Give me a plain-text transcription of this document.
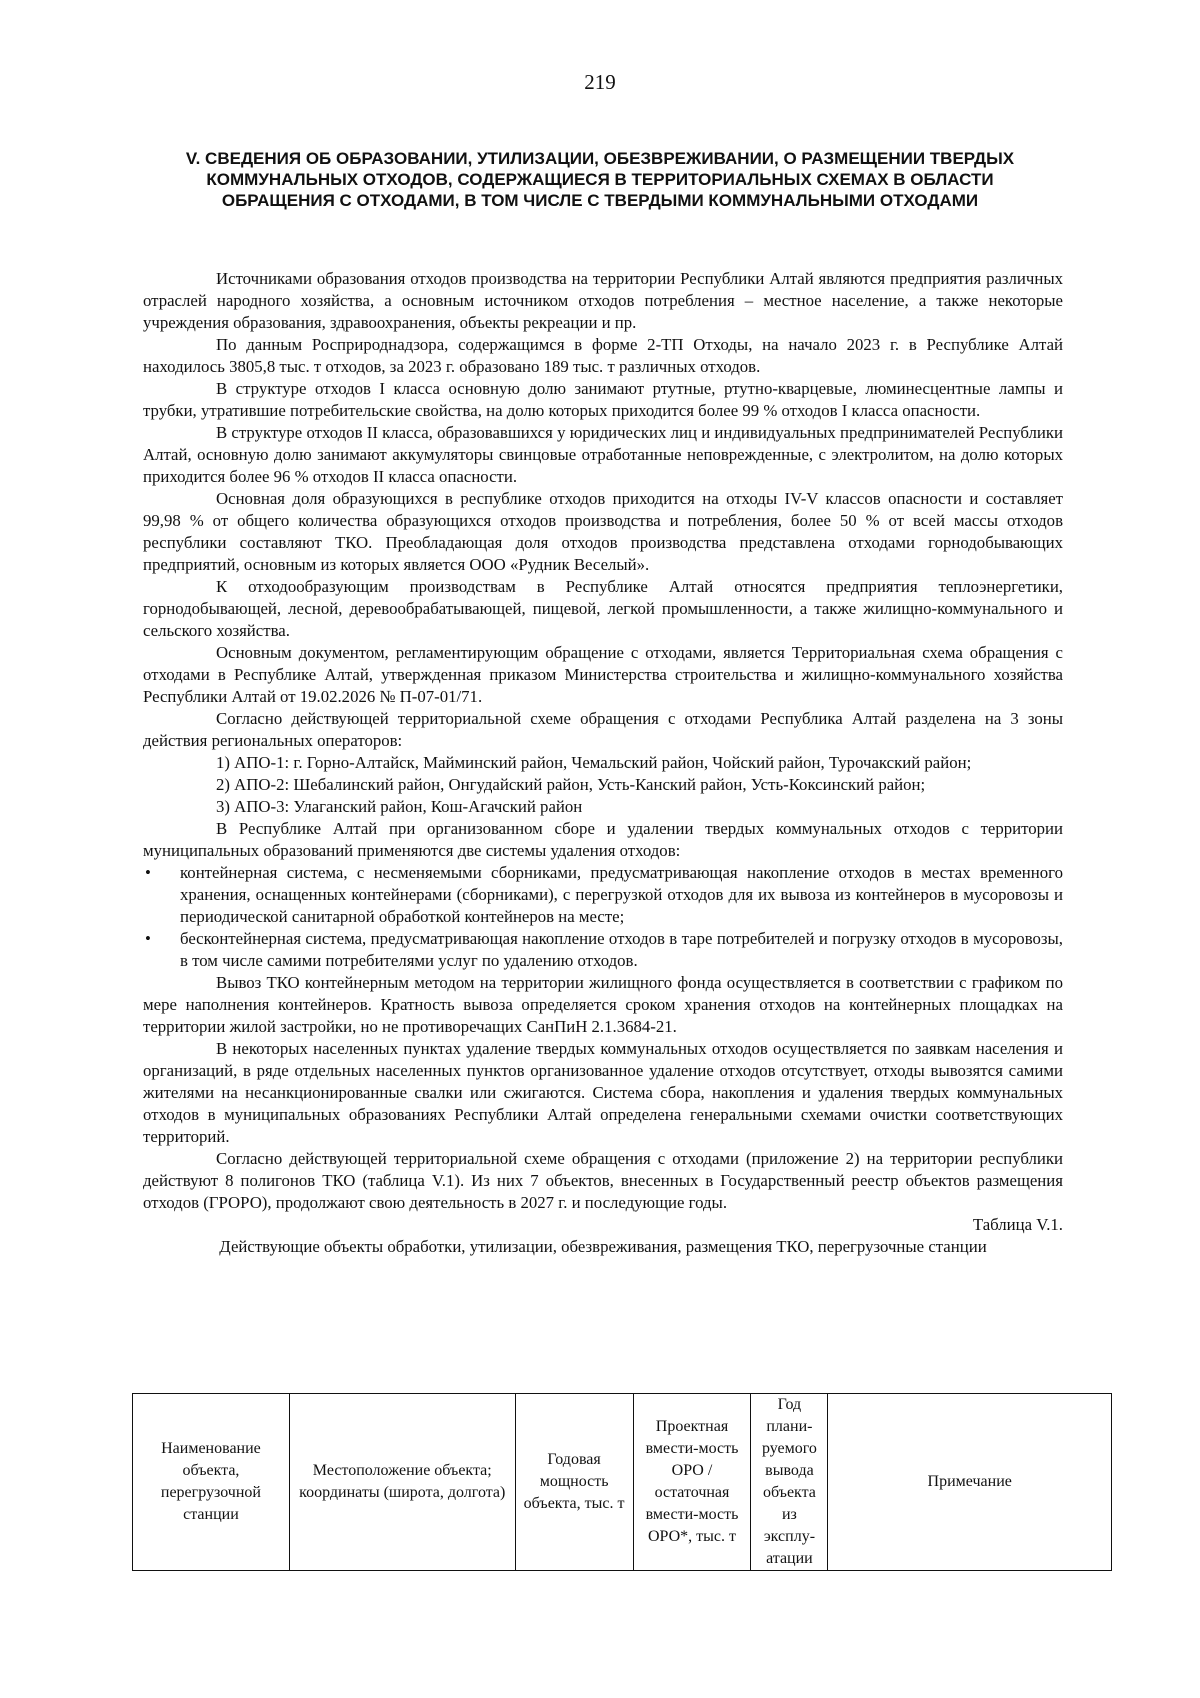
219
V. СВЕДЕНИЯ ОБ ОБРАЗОВАНИИ, УТИЛИЗАЦИИ, ОБЕЗВРЕЖИВАНИИ, О РАЗМЕЩЕНИИ ТВЕРДЫХ КОММУНАЛЬНЫХ ОТХОДОВ, СОДЕРЖАЩИЕСЯ В ТЕРРИТОРИАЛЬНЫХ СХЕМАХ В ОБЛАСТИ ОБРАЩЕНИЯ С ОТХОДАМИ, В ТОМ ЧИСЛЕ С ТВЕРДЫМИ КОММУНАЛЬНЫМИ ОТХОДАМИ

Источниками образования отходов производства на территории Республики Алтай являются предприятия различных отраслей народного хозяйства, а основным источником отходов потребления – местное население, а также некоторые учреждения образования, здравоохранения, объекты рекреации и пр.

По данным Росприроднадзора, содержащимся в форме 2-ТП Отходы, на начало 2023 г. в Республике Алтай находилось 3805,8 тыс. т отходов, за 2023 г. образовано 189 тыс. т различных отходов.

В структуре отходов I класса основную долю занимают ртутные, ртутно-кварцевые, люминесцентные лампы и трубки, утратившие потребительские свойства, на долю которых приходится более 99 % отходов I класса опасности.

В структуре отходов II класса, образовавшихся у юридических лиц и индивидуальных предпринимателей Республики Алтай, основную долю занимают аккумуляторы свинцовые отработанные неповрежденные, с электролитом, на долю которых приходится более 96 % отходов II класса опасности.

Основная доля образующихся в республике отходов приходится на отходы IV-V классов опасности и составляет 99,98 % от общего количества образующихся отходов производства и потребления, более 50 % от всей массы отходов республики составляют ТКО. Преобладающая доля отходов производства представлена отходами горнодобывающих предприятий, основным из которых является ООО «Рудник Веселый».

К отходообразующим производствам в Республике Алтай относятся предприятия теплоэнергетики, горнодобывающей, лесной, деревообрабатывающей, пищевой, легкой промышленности, а также жилищно-коммунального и сельского хозяйства.

Основным документом, регламентирующим обращение с отходами, является Территориальная схема обращения с отходами в Республике Алтай, утвержденная приказом Министерства строительства и жилищно-коммунального хозяйства Республики Алтай от 19.02.2026 № П-07-01/71.

Согласно действующей территориальной схеме обращения с отходами Республика Алтай разделена на 3 зоны действия региональных операторов:

1) АПО-1: г. Горно-Алтайск, Майминский район, Чемальский район, Чойский район, Турочакский район;

2) АПО-2: Шебалинский район, Онгудайский район, Усть-Канский район, Усть-Коксинский район;

3) АПО-3: Улаганский район, Кош-Агачский район

В Республике Алтай при организованном сборе и удалении твердых коммунальных отходов с территории муниципальных образований применяются две системы удаления отходов:

• контейнерная система, с несменяемыми сборниками, предусматривающая накопление отходов в местах временного хранения, оснащенных контейнерами (сборниками), с перегрузкой отходов для их вывоза из контейнеров в мусоровозы и периодической санитарной обработкой контейнеров на месте;
• бесконтейнерная система, предусматривающая накопление отходов в таре потребителей и погрузку отходов в мусоровозы, в том числе самими потребителями услуг по удалению отходов.

Вывоз ТКО контейнерным методом на территории жилищного фонда осуществляется в соответствии с графиком по мере наполнения контейнеров. Кратность вывоза определяется сроком хранения отходов на контейнерных площадках на территории жилой застройки, но не противоречащих СанПиН 2.1.3684-21.

В некоторых населенных пунктах удаление твердых коммунальных отходов осуществляется по заявкам населения и организаций, в ряде отдельных населенных пунктов организованное удаление отходов отсутствует, отходы вывозятся самими жителями на несанкционированные свалки или сжигаются. Система сбора, накопления и удаления твердых коммунальных отходов в муниципальных образованиях Республики Алтай определена генеральными схемами очистки соответствующих территорий.

Согласно действующей территориальной схеме обращения с отходами (приложение 2) на территории республики действуют 8 полигонов ТКО (таблица V.1). Из них 7 объектов, внесенных в Государственный реестр объектов размещения отходов (ГРОРО), продолжают свою деятельность в 2027 г. и последующие годы.

Таблица V.1.

Действующие объекты обработки, утилизации, обезвреживания, размещения ТКО, перегрузочные станции

Наименование объекта, перегрузочной станции	Местоположение объекта; координаты (широта, долгота)	Годовая мощность объекта, тыс. т	Проектная вмести-мость ОРО / остаточная вмести-мость ОРО*, тыс. т	Год плани-руемого вывода объекта из эксплу-атации	Примечание
